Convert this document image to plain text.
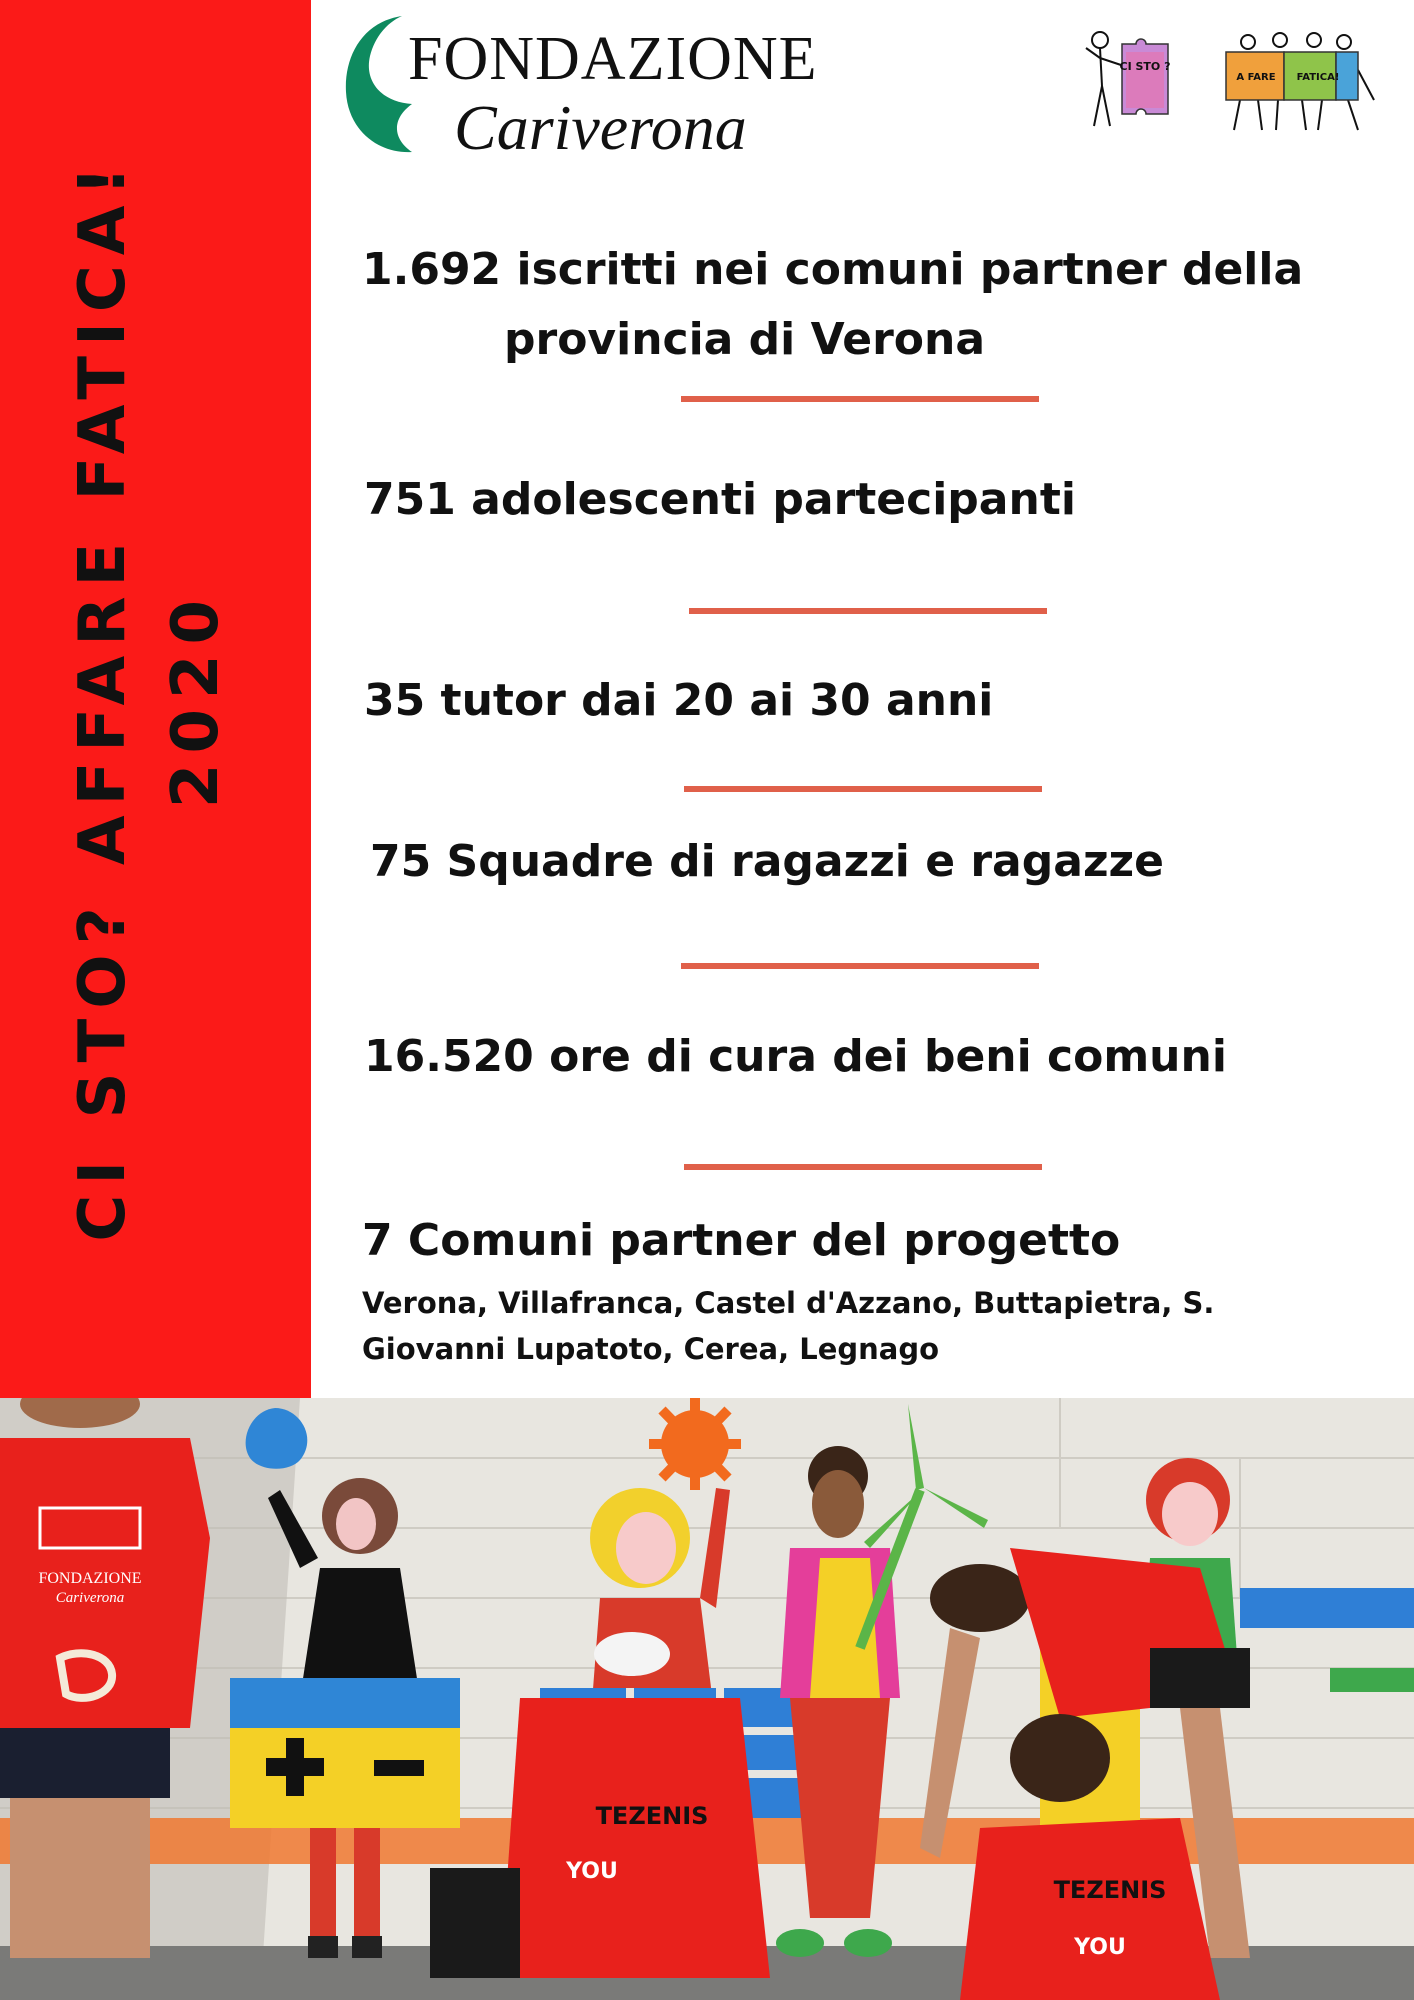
CI STO? AFFARE FATICA! 2020
FONDAZIONE
Cariverona
CI STO ?
A FARE FATICA!
1.692 iscritti nei comuni partner della
provincia di Verona
751 adolescenti partecipanti
35 tutor dai 20 ai 30 anni
75 Squadre di ragazzi e ragazze
16.520 ore di cura dei beni comuni
7 Comuni partner del progetto
Verona, Villafranca, Castel d'Azzano, Buttapietra, S.
Giovanni Lupatoto, Cerea, Legnago
FONDAZIONE
Cariverona
TEZENIS
YOU
TEZENIS
YOU
